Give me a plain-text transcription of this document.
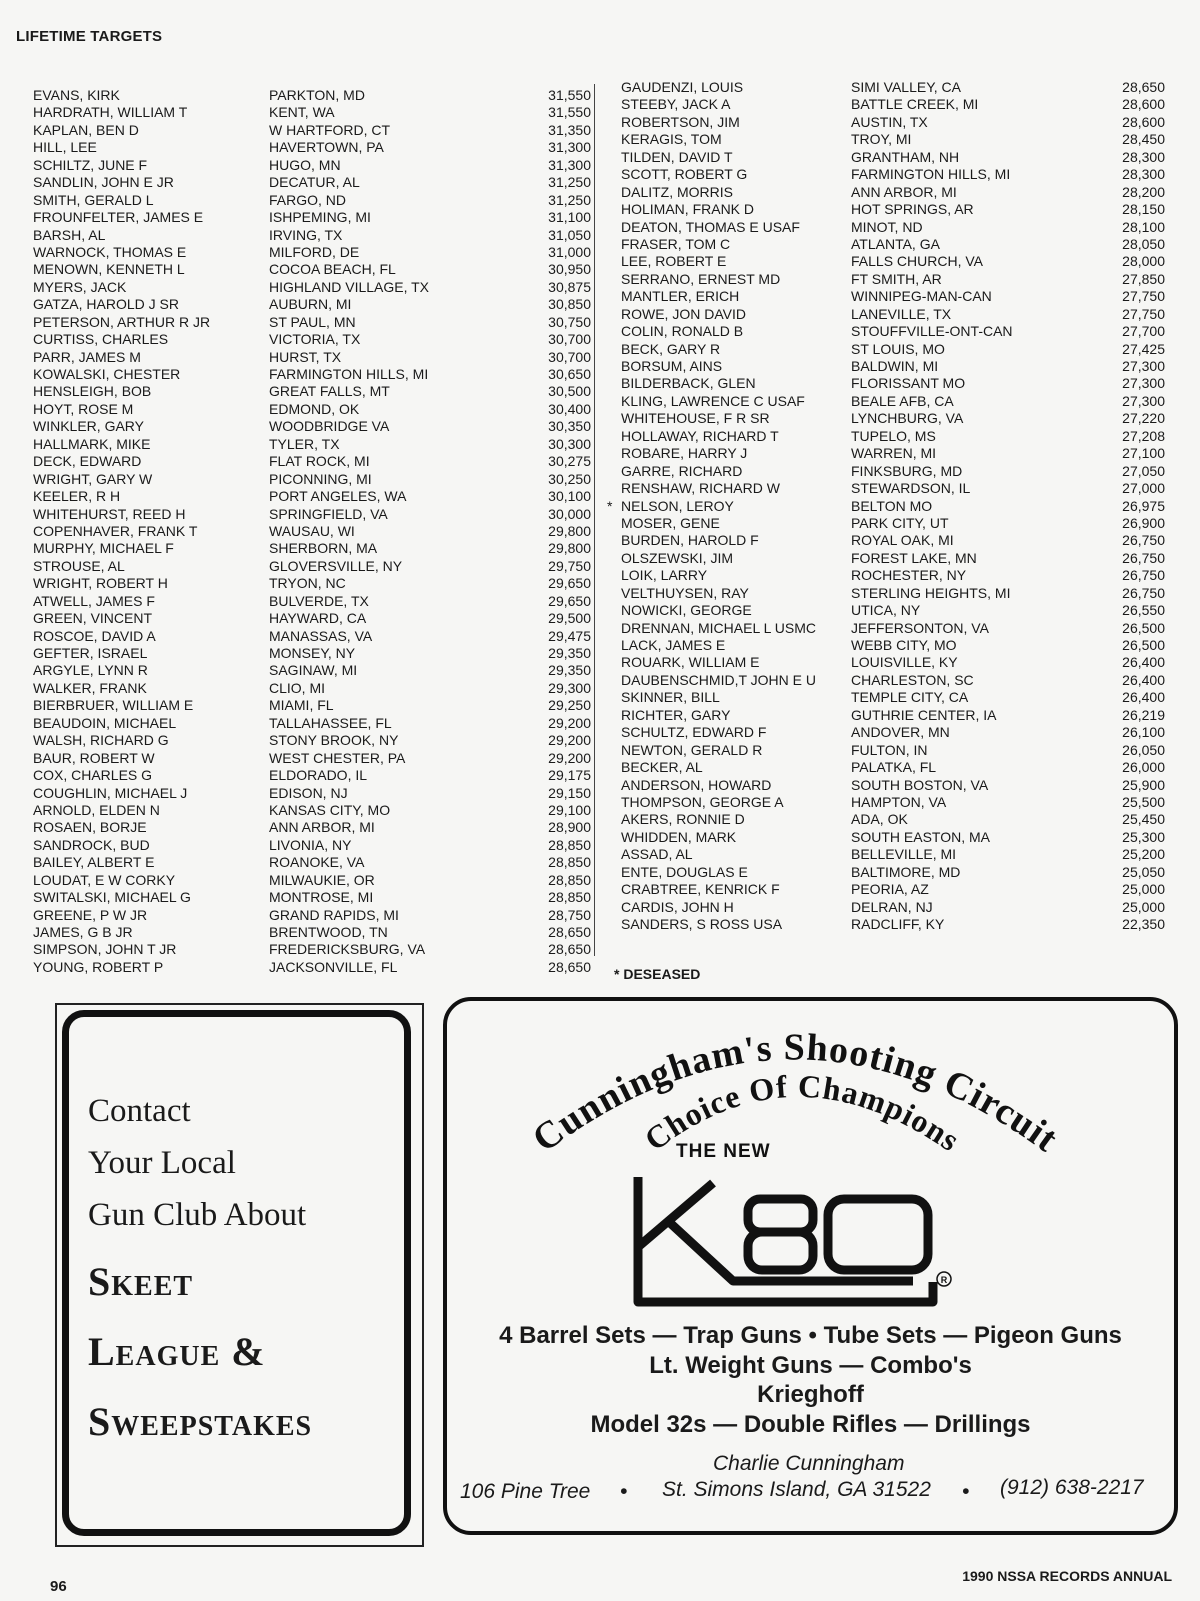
LIFETIME TARGETS
EVANS, KIRK	PARKTON, MD	31,550
HARDRATH, WILLIAM T	KENT, WA	31,550
KAPLAN, BEN D	W HARTFORD, CT	31,350
HILL, LEE	HAVERTOWN, PA	31,300
SCHILTZ, JUNE F	HUGO, MN	31,300
SANDLIN, JOHN E JR	DECATUR, AL	31,250
SMITH, GERALD L	FARGO, ND	31,250
FROUNFELTER, JAMES E	ISHPEMING, MI	31,100
BARSH, AL	IRVING, TX	31,050
WARNOCK, THOMAS E	MILFORD, DE	31,000
MENOWN, KENNETH L	COCOA BEACH, FL	30,950
MYERS, JACK	HIGHLAND VILLAGE, TX	30,875
GATZA, HAROLD J SR	AUBURN, MI	30,850
PETERSON, ARTHUR R JR	ST PAUL, MN	30,750
CURTISS, CHARLES	VICTORIA, TX	30,700
PARR, JAMES M	HURST, TX	30,700
KOWALSKI, CHESTER	FARMINGTON HILLS, MI	30,650
HENSLEIGH, BOB	GREAT FALLS, MT	30,500
HOYT, ROSE M	EDMOND, OK	30,400
WINKLER, GARY	WOODBRIDGE VA	30,350
HALLMARK, MIKE	TYLER, TX	30,300
DECK, EDWARD	FLAT ROCK, MI	30,275
WRIGHT, GARY W	PICONNING, MI	30,250
KEELER, R H	PORT ANGELES, WA	30,100
WHITEHURST, REED H	SPRINGFIELD, VA	30,000
COPENHAVER, FRANK T	WAUSAU, WI	29,800
MURPHY, MICHAEL F	SHERBORN, MA	29,800
STROUSE, AL	GLOVERSVILLE, NY	29,750
WRIGHT, ROBERT H	TRYON, NC	29,650
ATWELL, JAMES F	BULVERDE, TX	29,650
GREEN, VINCENT	HAYWARD, CA	29,500
ROSCOE, DAVID A	MANASSAS, VA	29,475
GEFTER, ISRAEL	MONSEY, NY	29,350
ARGYLE, LYNN R	SAGINAW, MI	29,350
WALKER, FRANK	CLIO, MI	29,300
BIERBRUER, WILLIAM E	MIAMI, FL	29,250
BEAUDOIN, MICHAEL	TALLAHASSEE, FL	29,200
WALSH, RICHARD G	STONY BROOK, NY	29,200
BAUR, ROBERT W	WEST CHESTER, PA	29,200
COX, CHARLES G	ELDORADO, IL	29,175
COUGHLIN, MICHAEL J	EDISON, NJ	29,150
ARNOLD, ELDEN N	KANSAS CITY, MO	29,100
ROSAEN, BORJE	ANN ARBOR, MI	28,900
SANDROCK, BUD	LIVONIA, NY	28,850
BAILEY, ALBERT E	ROANOKE, VA	28,850
LOUDAT, E W CORKY	MILWAUKIE, OR	28,850
SWITALSKI, MICHAEL G	MONTROSE, MI	28,850
GREENE, P W JR	GRAND RAPIDS, MI	28,750
JAMES, G B JR	BRENTWOOD, TN	28,650
SIMPSON, JOHN T JR	FREDERICKSBURG, VA	28,650
YOUNG, ROBERT P	JACKSONVILLE, FL	28,650
GAUDENZI, LOUIS	SIMI VALLEY, CA	28,650
STEEBY, JACK A	BATTLE CREEK, MI	28,600
ROBERTSON, JIM	AUSTIN, TX	28,600
KERAGIS, TOM	TROY, MI	28,450
TILDEN, DAVID T	GRANTHAM, NH	28,300
SCOTT, ROBERT G	FARMINGTON HILLS, MI	28,300
DALITZ, MORRIS	ANN ARBOR, MI	28,200
HOLIMAN, FRANK D	HOT SPRINGS, AR	28,150
DEATON, THOMAS E USAF	MINOT, ND	28,100
FRASER, TOM C	ATLANTA, GA	28,050
LEE, ROBERT E	FALLS CHURCH, VA	28,000
SERRANO, ERNEST MD	FT SMITH, AR	27,850
MANTLER, ERICH	WINNIPEG-MAN-CAN	27,750
ROWE, JON DAVID	LANEVILLE, TX	27,750
COLIN, RONALD B	STOUFFVILLE-ONT-CAN	27,700
BECK, GARY R	ST LOUIS, MO	27,425
BORSUM, AINS	BALDWIN, MI	27,300
BILDERBACK, GLEN	FLORISSANT MO	27,300
KLING, LAWRENCE C USAF	BEALE AFB, CA	27,300
WHITEHOUSE, F R SR	LYNCHBURG, VA	27,220
HOLLAWAY, RICHARD T	TUPELO, MS	27,208
ROBARE, HARRY J	WARREN, MI	27,100
GARRE, RICHARD	FINKSBURG, MD	27,050
RENSHAW, RICHARD W	STEWARDSON, IL	27,000
* NELSON, LEROY	BELTON MO	26,975
MOSER, GENE	PARK CITY, UT	26,900
BURDEN, HAROLD F	ROYAL OAK, MI	26,750
OLSZEWSKI, JIM	FOREST LAKE, MN	26,750
LOIK, LARRY	ROCHESTER, NY	26,750
VELTHUYSEN, RAY	STERLING HEIGHTS, MI	26,750
NOWICKI, GEORGE	UTICA, NY	26,550
DRENNAN, MICHAEL L USMC	JEFFERSONTON, VA	26,500
LACK, JAMES E	WEBB CITY, MO	26,500
ROUARK, WILLIAM E	LOUISVILLE, KY	26,400
DAUBENSCHMID,T JOHN E U	CHARLESTON, SC	26,400
SKINNER, BILL	TEMPLE CITY, CA	26,400
RICHTER, GARY	GUTHRIE CENTER, IA	26,219
SCHULTZ, EDWARD F	ANDOVER, MN	26,100
NEWTON, GERALD R	FULTON, IN	26,050
BECKER, AL	PALATKA, FL	26,000
ANDERSON, HOWARD	SOUTH BOSTON, VA	25,900
THOMPSON, GEORGE A	HAMPTON, VA	25,500
AKERS, RONNIE D	ADA, OK	25,450
WHIDDEN, MARK	SOUTH EASTON, MA	25,300
ASSAD, AL	BELLEVILLE, MI	25,200
ENTE, DOUGLAS E	BALTIMORE, MD	25,050
CRABTREE, KENRICK F	PEORIA, AZ	25,000
CARDIS, JOHN H	DELRAN, NJ	25,000
SANDERS, S ROSS USA	RADCLIFF, KY	22,350
* DESEASED
Contact
Your Local
Gun Club About
Skeet
League &
Sweepstakes
Cunningham's Shooting Circuit
Choice Of Champions
THE NEW
R
4 Barrel Sets — Trap Guns • Tube Sets — Pigeon Guns
Lt. Weight Guns — Combo's
Krieghoff
Model 32s — Double Rifles — Drillings
Charlie Cunningham
106 Pine Tree • St. Simons Island, GA 31522 • (912) 638-2217
96
1990 NSSA RECORDS ANNUAL
